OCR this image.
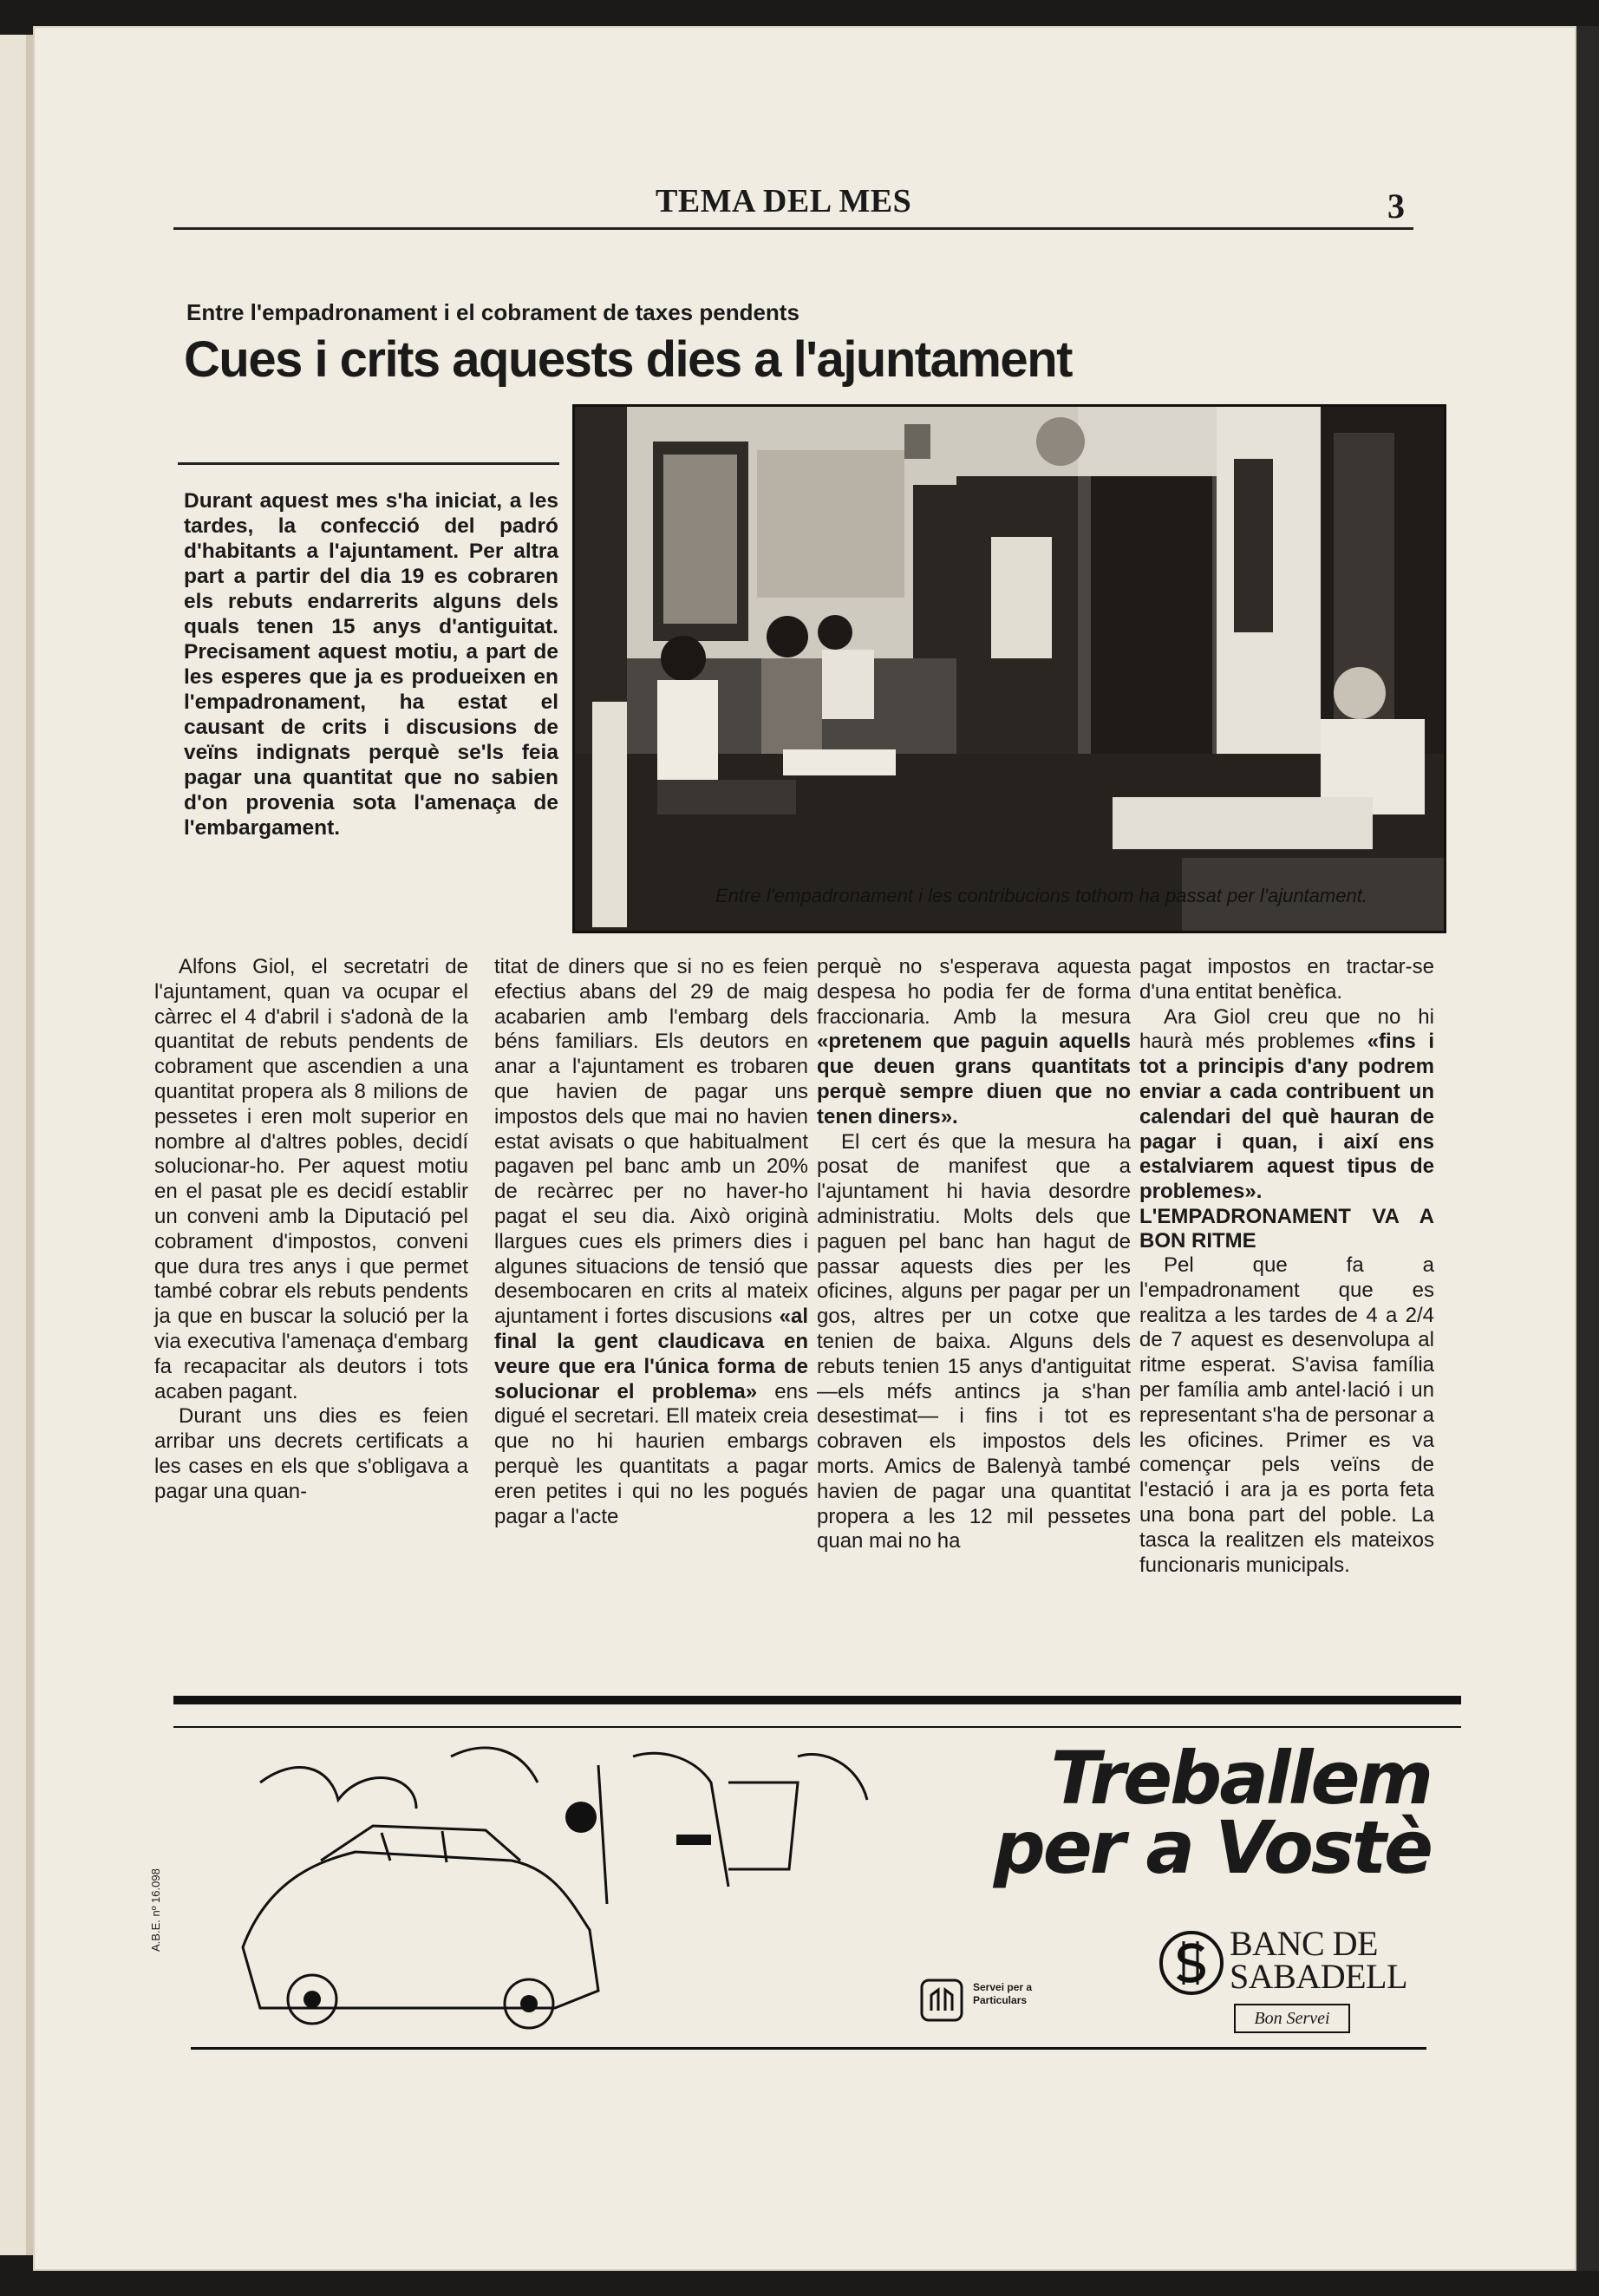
TEMA DEL MES	3
Entre l'empadronament i el cobrament de taxes pendents
Cues i crits aquests dies a l'ajuntament
Durant aquest mes s'ha iniciat, a les tardes, la confecció del padró d'habitants a l'ajuntament. Per altra part a partir del dia 19 es cobraren els rebuts endarrerits alguns dels quals tenen 15 anys d'antiguitat. Precisament aquest motiu, a part de les esperes que ja es produeixen en l'empadronament, ha estat el causant de crits i discusions de veïns indignats perquè se'ls feia pagar una quantitat que no sabien d'on provenia sota l'amenaça de l'embargament.
Entre l'empadronament i les contribucions tothom ha passat per l'ajuntament.

Alfons Giol, el secretatri de l'ajuntament, quan va ocupar el càrrec el 4 d'abril i s'adonà de la quantitat de rebuts pendents de cobrament que ascendien a una quantitat propera als 8 milions de pessetes i eren molt superior en nombre al d'altres pobles, decidí solucionar-ho. Per aquest motiu en el pasat ple es decidí establir un conveni amb la Diputació pel cobrament d'impostos, conveni que dura tres anys i que permet també cobrar els rebuts pendents ja que en buscar la solució per la via executiva l'amenaça d'embarg fa recapacitar als deutors i tots acaben pagant.

Durant uns dies es feien arribar uns decrets certificats a les cases en els que s'obligava a pagar una quan-

titat de diners que si no es feien efectius abans del 29 de maig acabarien amb l'embarg dels béns familiars. Els deutors en anar a l'ajuntament es trobaren que havien de pagar uns impostos dels que mai no havien estat avisats o que habitualment pagaven pel banc amb un 20% de recàrrec per no haver-ho pagat el seu dia. Això originà llargues cues els primers dies i algunes situacions de tensió que desembocaren en crits al mateix ajuntament i fortes discusions «al final la gent claudicava en veure que era l'única forma de solucionar el problema» ens digué el secretari. Ell mateix creia que no hi haurien embargs perquè les quantitats a pagar eren petites i qui no les pogués pagar a l'acte

perquè no s'esperava aquesta despesa ho podia fer de forma fraccionaria. Amb la mesura «pretenem que paguin aquells que deuen grans quantitats perquè sempre diuen que no tenen diners».

El cert és que la mesura ha posat de manifest que a l'ajuntament hi havia desordre administratiu. Molts dels que paguen pel banc han hagut de passar aquests dies per les oficines, alguns per pagar per un gos, altres per un cotxe que tenien de baixa. Alguns dels rebuts tenien 15 anys d'antiguitat —els méfs antincs ja s'han desestimat— i fins i tot es cobraven els impostos dels morts. Amics de Balenyà també havien de pagar una quantitat propera a les 12 mil pessetes quan mai no ha

pagat impostos en tractar-se d'una entitat benèfica.

Ara Giol creu que no hi haurà més problemes «fins i tot a principis d'any podrem enviar a cada contribuent un calendari del què hauran de pagar i quan, i així ens estalviarem aquest tipus de problemes».

L'EMPADRONAMENT VA A BON RITME

Pel que fa a l'empadronament que es realitza a les tardes de 4 a 2/4 de 7 aquest es desenvolupa al ritme esperat. S'avisa família per família amb antel·lació i un representant s'ha de personar a les oficines. Primer es va començar pels veïns de l'estació i ara ja es porta feta una bona part del poble. La tasca la realitzen els mateixos funcionaris municipals.

A.B.E. nº 16.098
Treballem
per a Vostè
Servei per a Particulars
BANC DE
SABADELL
Bon Servei
